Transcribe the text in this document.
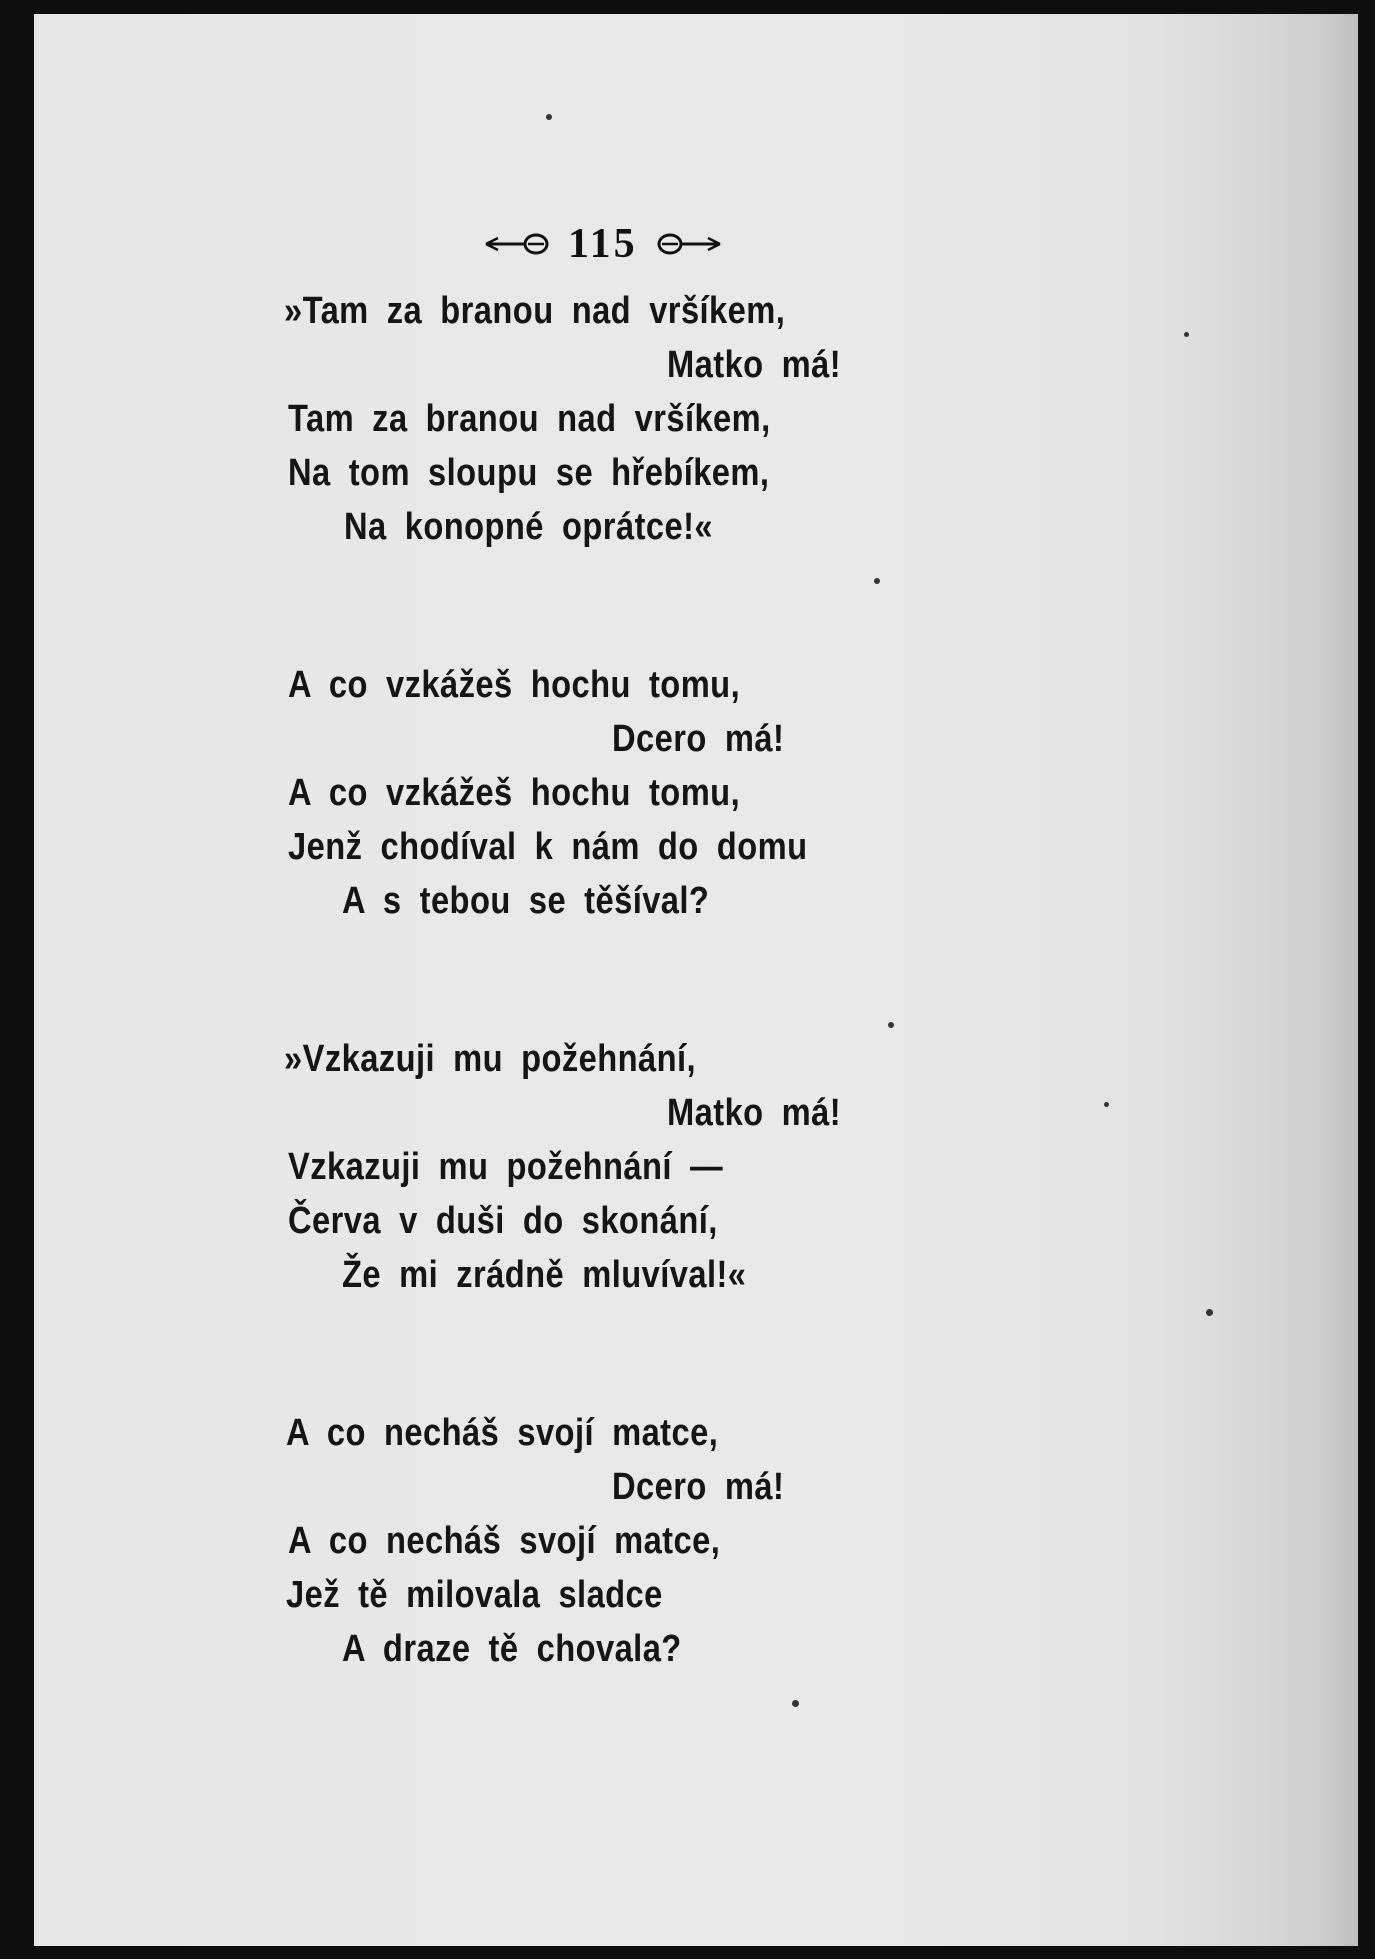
115
»Tam za branou nad vršíkem,
Matko má!
Tam za branou nad vršíkem,
Na tom sloupu se hřebíkem,
Na konopné oprátce!«
A co vzkážeš hochu tomu,
Dcero má!
A co vzkážeš hochu tomu,
Jenž chodíval k nám do domu
A s tebou se těšíval?
»Vzkazuji mu požehnání,
Matko má!
Vzkazuji mu požehnání —
Červa v duši do skonání,
Že mi zrádně mluvíval!«
A co necháš svojí matce,
Dcero má!
A co necháš svojí matce,
Jež tě milovala sladce
A draze tě chovala?
